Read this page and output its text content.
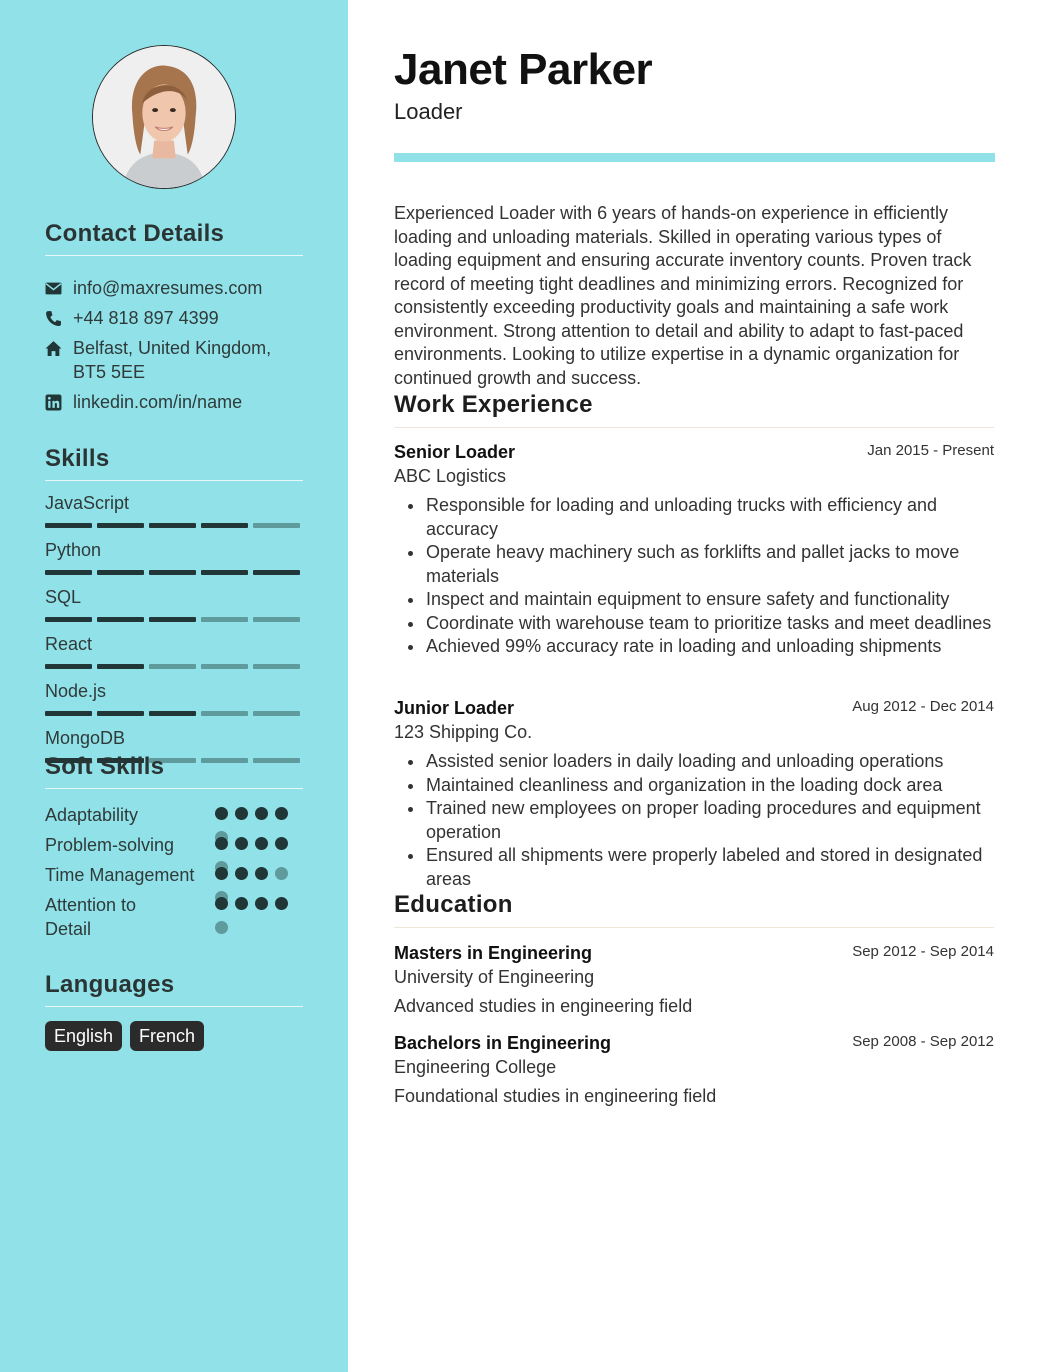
Contact Details
info@maxresumes.com
+44 818 897 4399
Belfast, United Kingdom, BT5 5EE
linkedin.com/in/name
Skills
JavaScript
Python
SQL
React
Node.js
MongoDB
Soft Skills
Adaptability
Problem-solving
Time Management
Attention to Detail
Languages
English	French
Janet Parker
Loader
Experienced Loader with 6 years of hands-on experience in efficiently loading and unloading materials. Skilled in operating various types of loading equipment and ensuring accurate inventory counts. Proven track record of meeting tight deadlines and minimizing errors. Recognized for consistently exceeding productivity goals and maintaining a safe work environment. Strong attention to detail and ability to adapt to fast-paced environments. Looking to utilize expertise in a dynamic organization for continued growth and success.
Work Experience
Senior Loader	Jan 2015 - Present
ABC Logistics
Responsible for loading and unloading trucks with efficiency and accuracy
Operate heavy machinery such as forklifts and pallet jacks to move materials
Inspect and maintain equipment to ensure safety and functionality
Coordinate with warehouse team to prioritize tasks and meet deadlines
Achieved 99% accuracy rate in loading and unloading shipments
Junior Loader	Aug 2012 - Dec 2014
123 Shipping Co.
Assisted senior loaders in daily loading and unloading operations
Maintained cleanliness and organization in the loading dock area
Trained new employees on proper loading procedures and equipment operation
Ensured all shipments were properly labeled and stored in designated areas
Education
Masters in Engineering	Sep 2012 - Sep 2014
University of Engineering
Advanced studies in engineering field
Bachelors in Engineering	Sep 2008 - Sep 2012
Engineering College
Foundational studies in engineering field
